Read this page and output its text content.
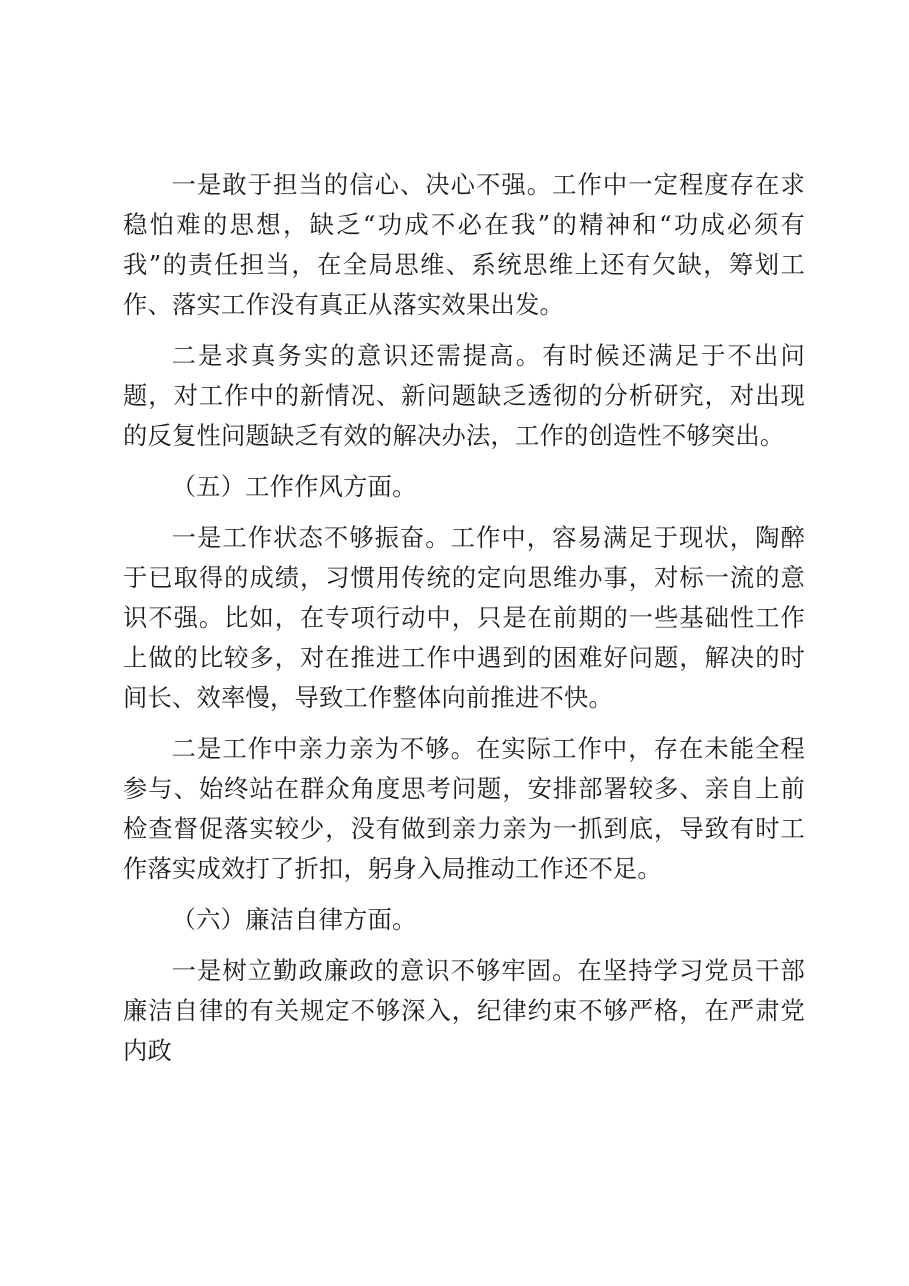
一是敢于担当的信心、决心不强。工作中一定程度存在求稳怕难的思想，缺乏“功成不必在我”的精神和“功成必须有我”的责任担当，在全局思维、系统思维上还有欠缺，筹划工作、落实工作没有真正从落实效果出发。

二是求真务实的意识还需提高。有时候还满足于不出问题，对工作中的新情况、新问题缺乏透彻的分析研究，对出现的反复性问题缺乏有效的解决办法，工作的创造性不够突出。

（五）工作作风方面。

一是工作状态不够振奋。工作中，容易满足于现状，陶醉于已取得的成绩，习惯用传统的定向思维办事，对标一流的意识不强。比如，在专项行动中，只是在前期的一些基础性工作上做的比较多，对在推进工作中遇到的困难好问题，解决的时间长、效率慢，导致工作整体向前推进不快。

二是工作中亲力亲为不够。在实际工作中，存在未能全程参与、始终站在群众角度思考问题，安排部署较多、亲自上前检查督促落实较少，没有做到亲力亲为一抓到底，导致有时工作落实成效打了折扣，躬身入局推动工作还不足。

（六）廉洁自律方面。

一是树立勤政廉政的意识不够牢固。在坚持学习党员干部廉洁自律的有关规定不够深入，纪律约束不够严格，在严肃党内政
